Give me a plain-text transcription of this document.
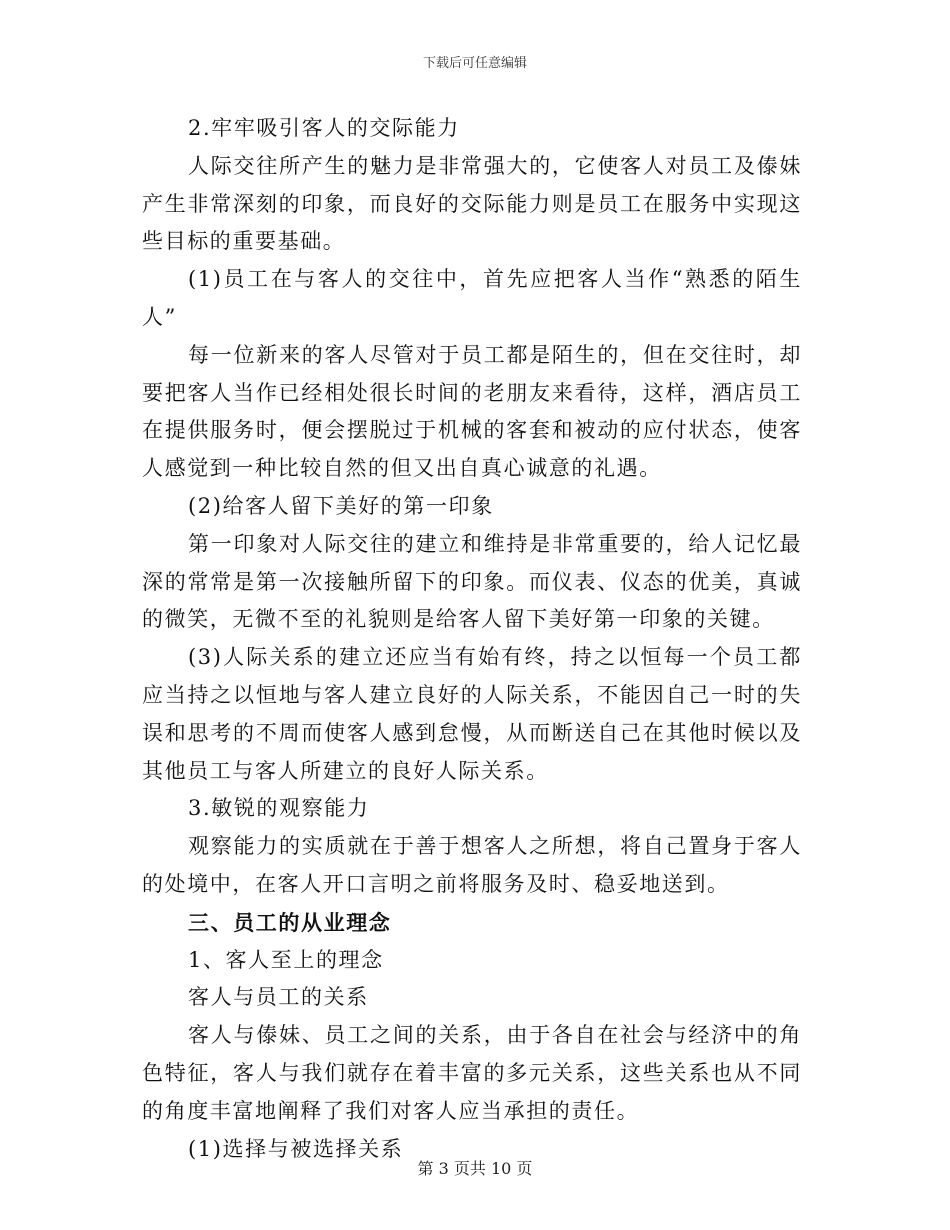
下载后可任意编辑

2.牢牢吸引客人的交际能力

人际交往所产生的魅力是非常强大的，它使客人对员工及傣妹产生非常深刻的印象，而良好的交际能力则是员工在服务中实现这些目标的重要基础。

(1)员工在与客人的交往中，首先应把客人当作“熟悉的陌生人”

每一位新来的客人尽管对于员工都是陌生的，但在交往时，却要把客人当作已经相处很长时间的老朋友来看待，这样，酒店员工在提供服务时，便会摆脱过于机械的客套和被动的应付状态，使客人感觉到一种比较自然的但又出自真心诚意的礼遇。

(2)给客人留下美好的第一印象

第一印象对人际交往的建立和维持是非常重要的，给人记忆最深的常常是第一次接触所留下的印象。而仪表、仪态的优美，真诚的微笑，无微不至的礼貌则是给客人留下美好第一印象的关键。

(3)人际关系的建立还应当有始有终，持之以恒每一个员工都应当持之以恒地与客人建立良好的人际关系，不能因自己一时的失误和思考的不周而使客人感到怠慢，从而断送自己在其他时候以及其他员工与客人所建立的良好人际关系。

3.敏锐的观察能力

观察能力的实质就在于善于想客人之所想，将自己置身于客人的处境中，在客人开口言明之前将服务及时、稳妥地送到。

三、员工的从业理念

1、客人至上的理念

客人与员工的关系

客人与傣妹、员工之间的关系，由于各自在社会与经济中的角色特征，客人与我们就存在着丰富的多元关系，这些关系也从不同的角度丰富地阐释了我们对客人应当承担的责任。

(1)选择与被选择关系

第 3 页共 10 页
